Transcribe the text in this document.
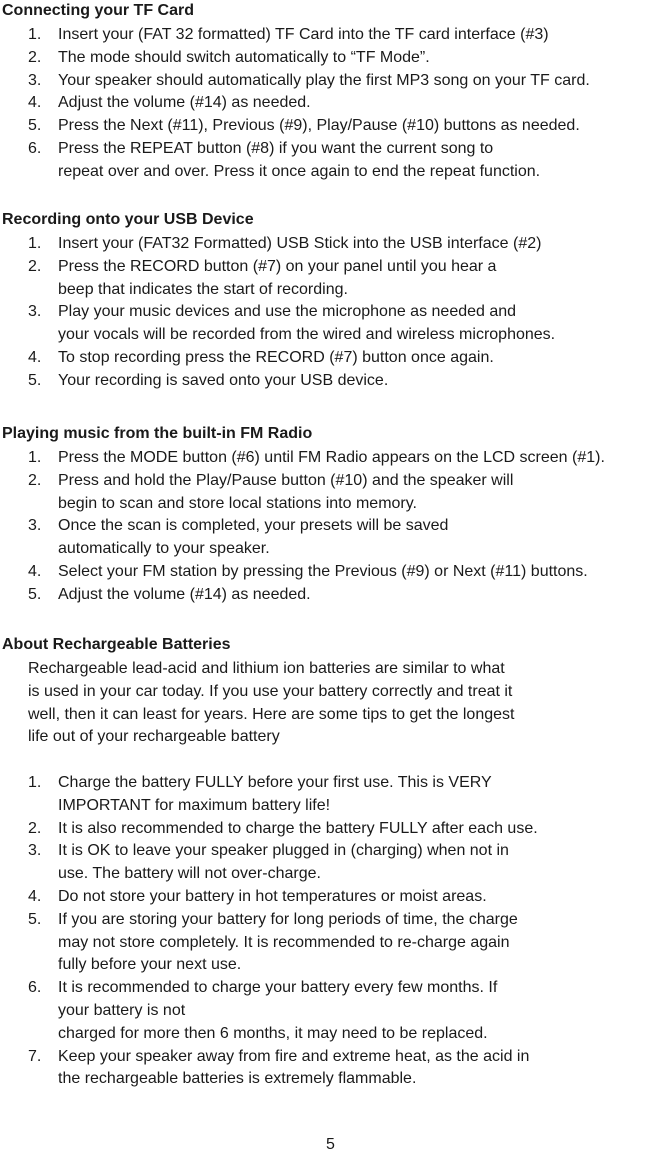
Connecting your TF Card
1. Insert your (FAT 32 formatted) TF Card into the TF card interface (#3)
2. The mode should switch automatically to “TF Mode”.
3. Your speaker should automatically play the first MP3 song on your TF card.
4. Adjust the volume (#14) as needed.
5. Press the Next (#11), Previous (#9), Play/Pause (#10) buttons as needed.
6. Press the REPEAT button (#8) if you want the current song to
repeat over and over. Press it once again to end the repeat function.
Recording onto your USB Device
1. Insert your (FAT32 Formatted) USB Stick into the USB interface (#2)
2. Press the RECORD button (#7) on your panel until you hear a
beep that indicates the start of recording.
3. Play your music devices and use the microphone as needed and
your vocals will be recorded from the wired and wireless microphones.
4. To stop recording press the RECORD (#7) button once again.
5. Your recording is saved onto your USB device.
Playing music from the built-in FM Radio
1. Press the MODE button (#6) until FM Radio appears on the LCD screen (#1).
2. Press and hold the Play/Pause button (#10) and the speaker will
begin to scan and store local stations into memory.
3. Once the scan is completed, your presets will be saved
automatically to your speaker.
4. Select your FM station by pressing the Previous (#9) or Next (#11) buttons.
5. Adjust the volume (#14) as needed.
About Rechargeable Batteries
Rechargeable lead-acid and lithium ion batteries are similar to what
is used in your car today. If you use your battery correctly and treat it
well, then it can least for years. Here are some tips to get the longest
life out of your rechargeable battery
1. Charge the battery FULLY before your first use. This is VERY
IMPORTANT for maximum battery life!
2. It is also recommended to charge the battery FULLY after each use.
3. It is OK to leave your speaker plugged in (charging) when not in
use. The battery will not over-charge.
4. Do not store your battery in hot temperatures or moist areas.
5. If you are storing your battery for long periods of time, the charge
may not store completely. It is recommended to re-charge again
fully before your next use.
6. It is recommended to charge your battery every few months. If
your battery is not
charged for more then 6 months, it may need to be replaced.
7. Keep your speaker away from fire and extreme heat, as the acid in
the rechargeable batteries is extremely flammable.
5
